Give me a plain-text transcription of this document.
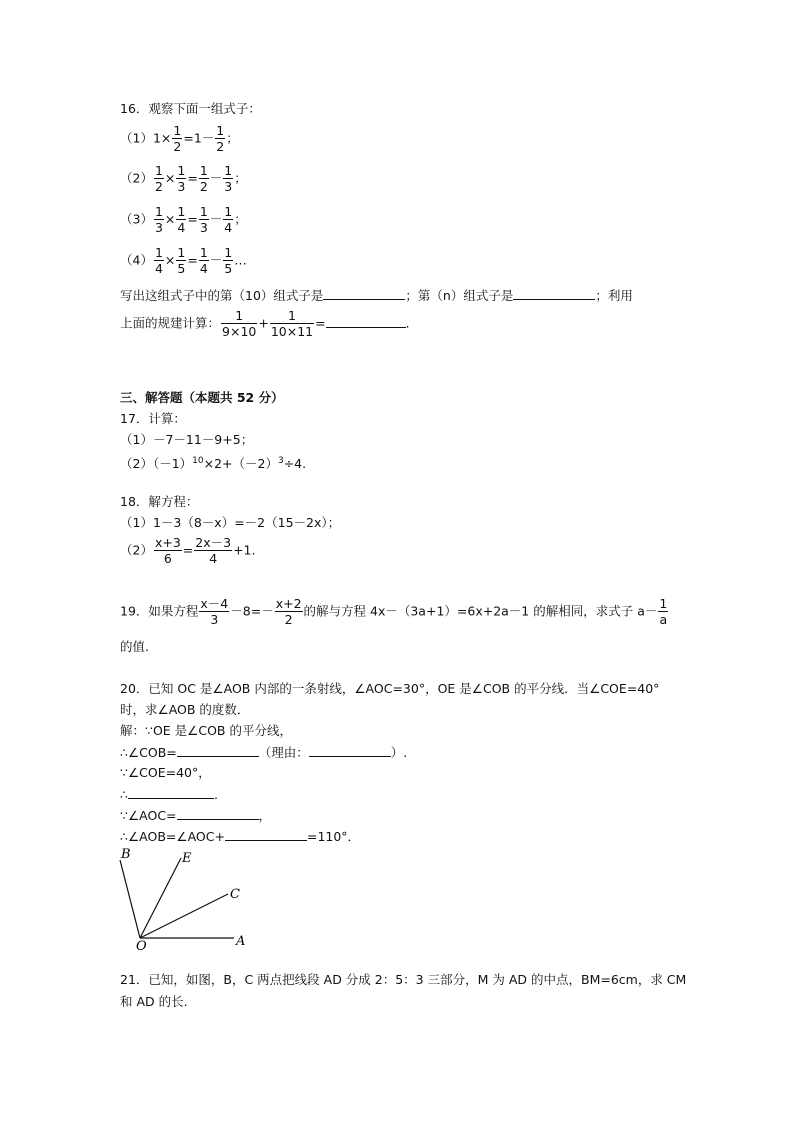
16．观察下面一组式子：
$(1)1\times \frac{1}{2} =1- \frac{1}{2}$ ；
$(2) \frac{1}{2} \times \frac{1}{3} = \frac{1}{2} - \frac{1}{3}$ ；
$(3) \frac{1}{3} \times \frac{1}{4} = \frac{1}{3} - \frac{1}{4}$ ；
$(4) \frac{1}{4} \times \frac{1}{5} = \frac{1}{4} - \frac{1}{5}$ …
写出这组式子中的第（10）组式子是	；第（n）组式子是	；利用
上面的规建计算： $\frac{1}{9\times 10} + \frac{1}{10\times 11}$ =	．
三、解答题（本题共 52 分）
17．计算：
（1）－7－11－9+5；
$(2)(-1)^{10}\times 2+(-2)^3\div 4$.
18．解方程：
（1）1－3（8－x）=－2（15－2x）；
$(2) \frac{x+3}{6} = \frac{2x-3}{4} +1$.
19．如果方程 $\frac{x-4}{3} -8=- \frac{x+2}{2}$ 的解与方程 4x－（3a+1）=6x+2a－1 的解相同，求式子 $a- \frac{1}{a}$
的值.
20．已知 OC 是∠AOB 内部的一条射线，∠AOC=30°，OE 是∠COB 的平分线．当∠COE=40°
时，求∠AOB 的度数．
解：∵OE 是∠COB 的平分线，
∴∠COB=	（理由：	）.
∵∠COE=40°，
∴	.
∵∠AOC=	，
∴∠AOB=∠AOC+	=110°．
B	E
C
O	A
21．已知，如图，B，C 两点把线段 AD 分成 2：5：3 三部分，M 为 AD 的中点，BM=6cm，求 CM
和 AD 的长.
